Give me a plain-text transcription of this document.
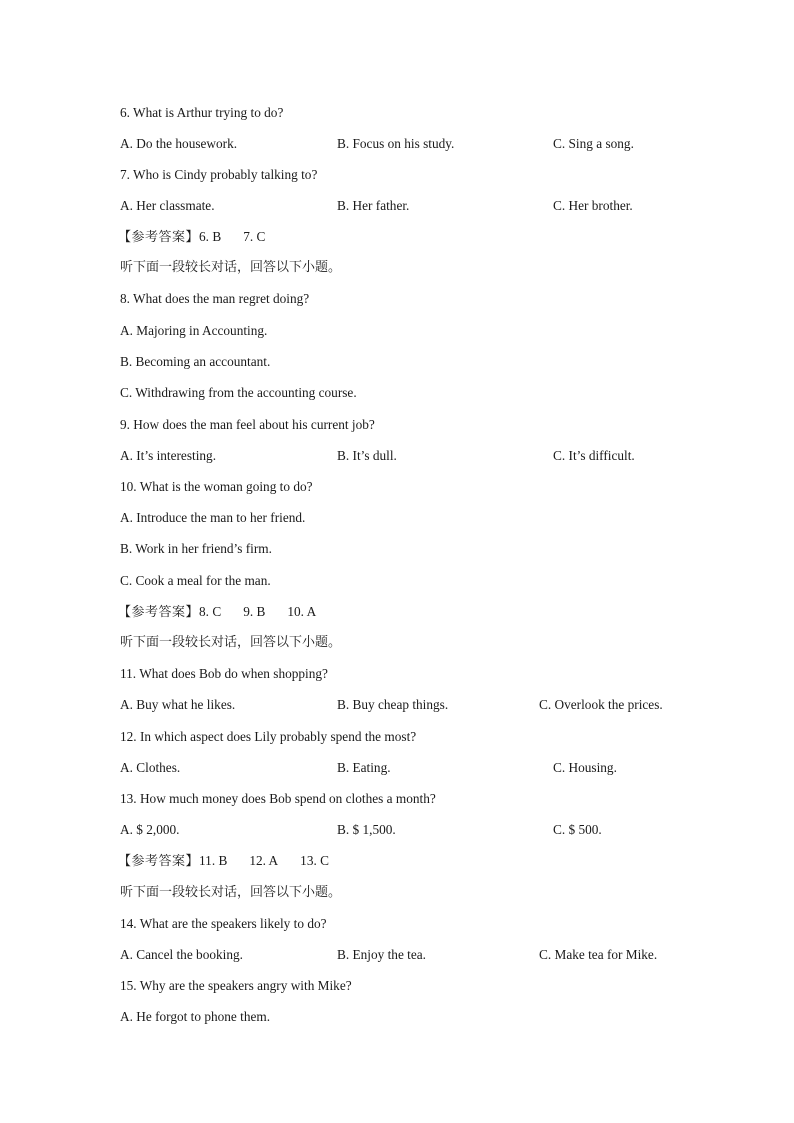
6. What is Arthur trying to do?
A. Do the housework.	B. Focus on his study.	C. Sing a song.
7. Who is Cindy probably talking to?
A. Her classmate.	B. Her father.	C. Her brother.
【参考答案】6. B 7. C
听下面一段较长对话，回答以下小题。
8. What does the man regret doing?
A. Majoring in Accounting.
B. Becoming an accountant.
C. Withdrawing from the accounting course.
9. How does the man feel about his current job?
A. It’s interesting.	B. It’s dull.	C. It’s difficult.
10. What is the woman going to do?
A. Introduce the man to her friend.
B. Work in her friend’s firm.
C. Cook a meal for the man.
【参考答案】8. C 9. B 10. A
听下面一段较长对话，回答以下小题。
11. What does Bob do when shopping?
A. Buy what he likes.	B. Buy cheap things.	C. Overlook the prices.
12. In which aspect does Lily probably spend the most?
A. Clothes.	B. Eating.	C. Housing.
13. How much money does Bob spend on clothes a month?
A. $ 2,000.	B. $ 1,500.	C. $ 500.
【参考答案】11. B 12. A 13. C
听下面一段较长对话，回答以下小题。
14. What are the speakers likely to do?
A. Cancel the booking.	B. Enjoy the tea.	C. Make tea for Mike.
15. Why are the speakers angry with Mike?
A. He forgot to phone them.
